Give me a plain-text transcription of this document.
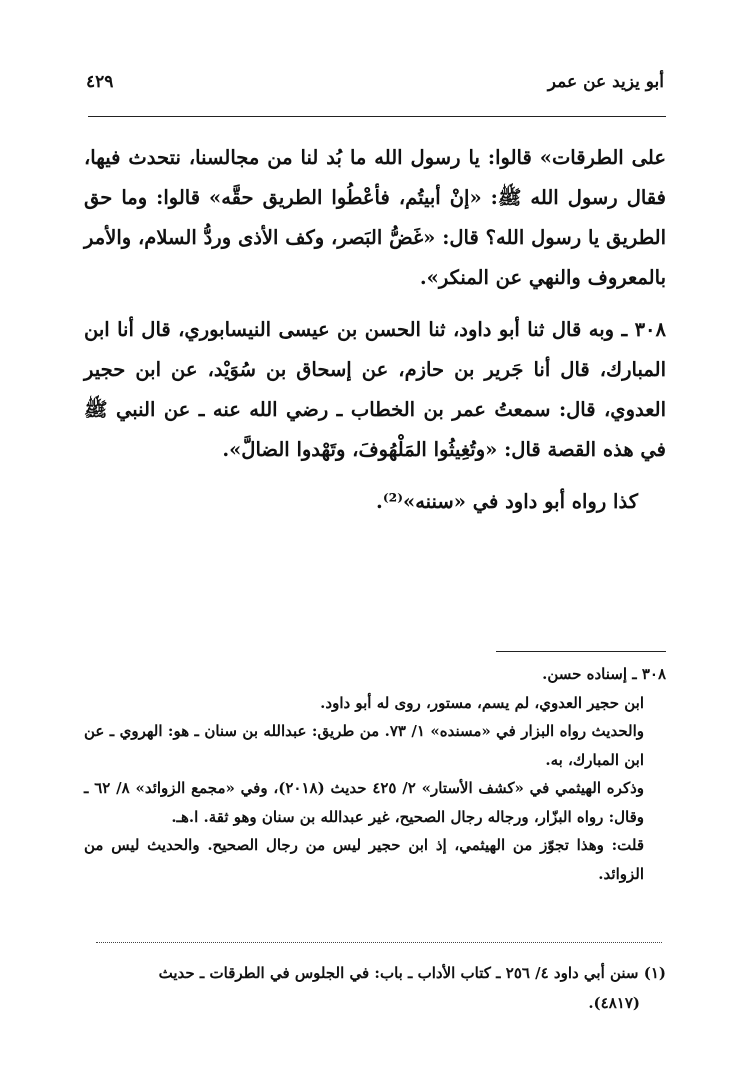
أبو يزيد عن عمر
٤٢٩

على الطرقات» قالوا: يا رسول الله ما بُد لنا من مجالسنا، نتحدث فيها، فقال رسول الله ﷺ: «إنْ أبيتُم، فأعْطُوا الطريق حقَّه» قالوا: وما حق الطريق يا رسول الله؟ قال: «غَضُّ البَصر، وكف الأذى وردُّ السلام، والأمر بالمعروف والنهي عن المنكر».

٣٠٨ ـ وبه قال ثنا أبو داود، ثنا الحسن بن عيسى النيسابوري، قال أنا ابن المبارك، قال أنا جَرير بن حازم، عن إسحاق بن سُوَيْد، عن ابن حجير العدوي، قال: سمعتُ عمر بن الخطاب ـ رضي الله عنه ـ عن النبي ﷺ في هذه القصة قال: «وتُغِيثُوا المَلْهُوفَ، وتَهْدوا الضالَّ».

كذا رواه أبو داود في «سننه»⁽²⁾.

٣٠٨ ـ إسناده حسن.

ابن حجير العدوي، لم يسم، مستور، روى له أبو داود.

والحديث رواه البزار في «مسنده» ١/ ٧٣. من طريق: عبدالله بن سنان ـ هو: الهروي ـ عن ابن المبارك، به.

وذكره الهيثمي في «كشف الأستار» ٢/ ٤٢٥ حديث (٢٠١٨)، وفي «مجمع الزوائد» ٨/ ٦٢ ـ وقال: رواه البزّار، ورجاله رجال الصحيح، غير عبدالله بن سنان وهو ثقة. ا.هـ.

قلت: وهذا تجوّز من الهيثمي، إذ ابن حجير ليس من رجال الصحيح. والحديث ليس من الزوائد.

(١) سنن أبي داود ٤/ ٢٥٦ ـ كتاب الأداب ـ باب: في الجلوس في الطرقات ـ حديث

(٤٨١٧).
